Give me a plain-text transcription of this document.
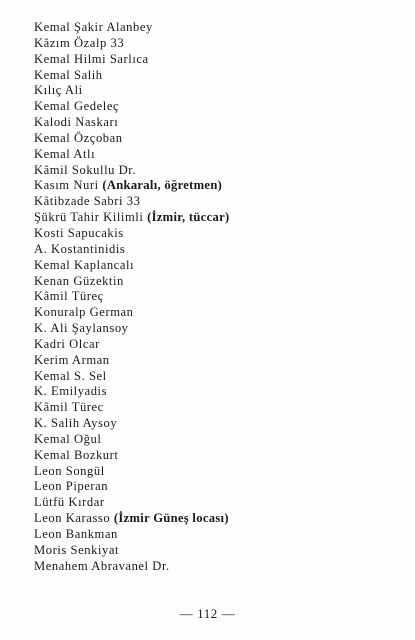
Kemal Şakir Alanbey
Kâzım Özalp 33
Kemal Hilmi Sarlıca
Kemal Salih
Kılıç Ali
Kemal Gedeleç
Kalodi Naskarı
Kemal Özçoban
Kemal Atlı
Kâmil Sokullu Dr.
Kasım Nuri (Ankaralı, öğretmen)
Kâtibzade Sabri 33
Şükrü Tahir Kilimli (İzmir, tüccar)
Kosti Sapucakis
A. Kostantinidis
Kemal Kaplancalı
Kenan Güzektin
Kâmil Türeç
Konuralp German
K. Ali Şaylansoy
Kadri Olcar
Kerim Arman
Kemal S. Sel
K. Emilyadis
Kâmil Türec
K. Salih Aysoy
Kemal Oğul
Kemal Bozkurt
Leon Songül
Leon Piperan
Lütfü Kırdar
Leon Karasso (İzmir Güneş locası)
Leon Bankman
Moris Senkiyat
Menahem Abravanel Dr.
— 112 —
